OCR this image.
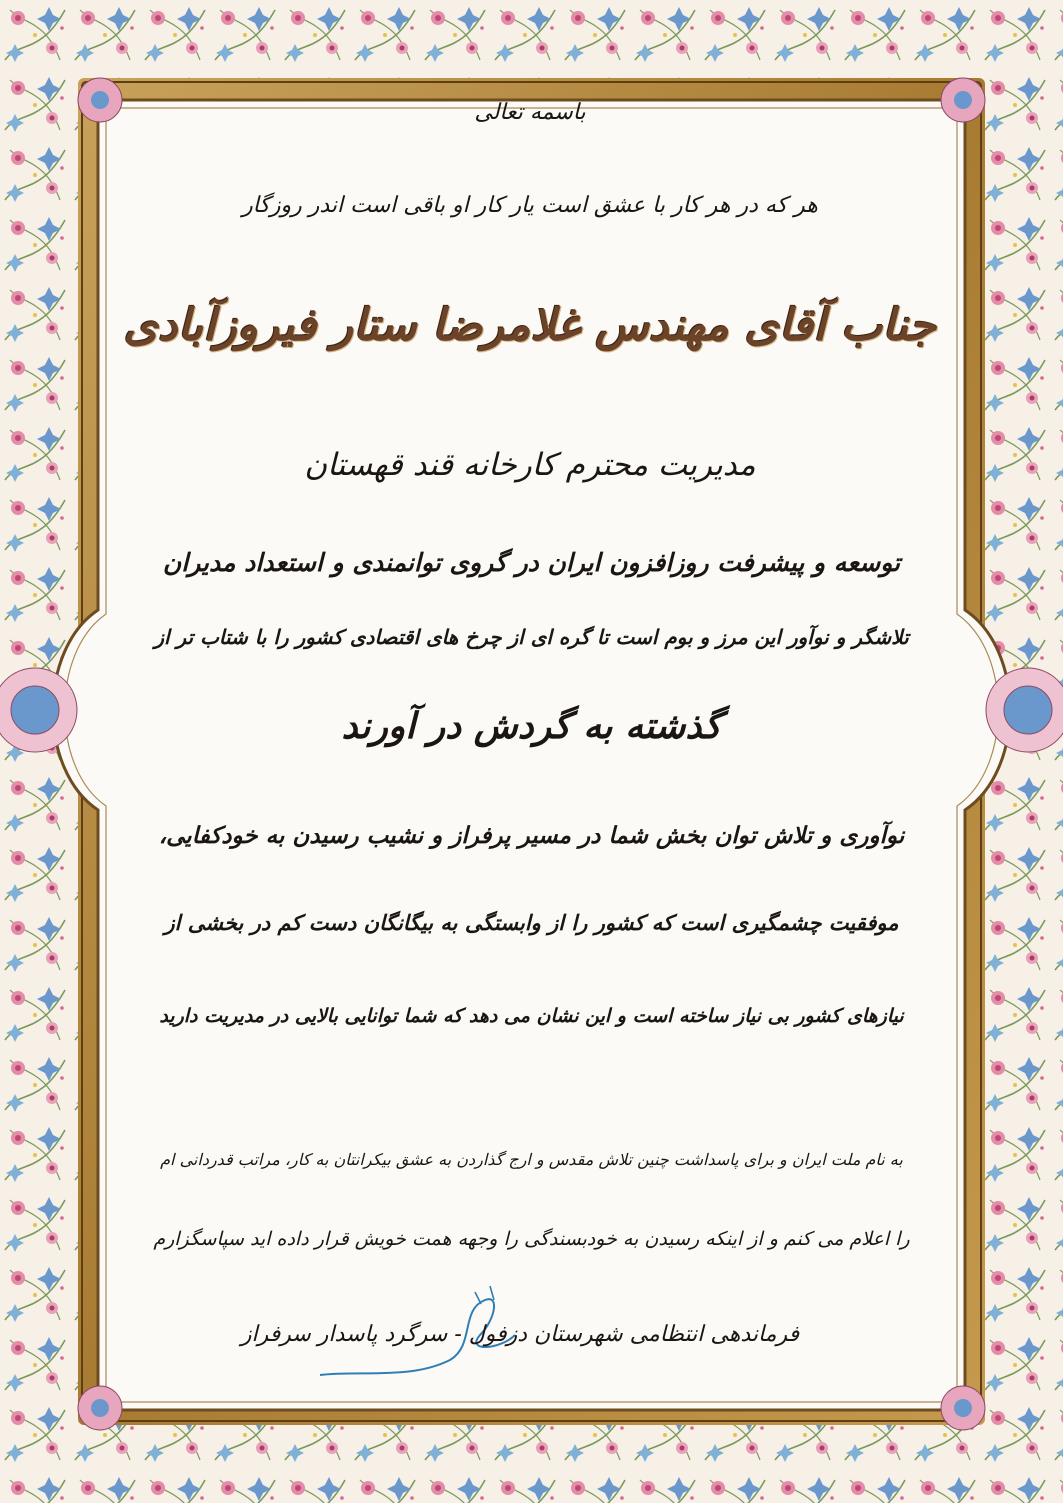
باسمه تعالی
هر که در هر کار با عشق است یار کار او باقی است اندر روزگار
جناب آقای مهندس غلامرضا ستار فیروزآبادی
مدیریت محترم کارخانه قند قهستان
توسعه و پیشرفت روزافزون ایران در گروی توانمندی و استعداد مدیران
تلاشگر و نوآور این مرز و بوم است تا گره ای از چرخ های اقتصادی کشور را با شتاب تر از
گذشته به گردش در آورند
نوآوری و تلاش توان بخش شما در مسیر پرفراز و نشیب رسیدن به خودکفایی،
موفقیت چشمگیری است که کشور را از وابستگی به بیگانگان دست کم در بخشی از
نیازهای کشور بی نیاز ساخته است و این نشان می دهد که شما توانایی بالایی در مدیریت دارید
به نام ملت ایران و برای پاسداشت چنین تلاش مقدس و ارج گذاردن به عشق بیکرانتان به کار، مراتب قدردانی ام
را اعلام می کنم و از اینکه رسیدن به خودبسندگی را وجهه همت خویش قرار داده اید سپاسگزارم
فرماندهی انتظامی شهرستان دزفول - سرگرد پاسدار سرفراز
